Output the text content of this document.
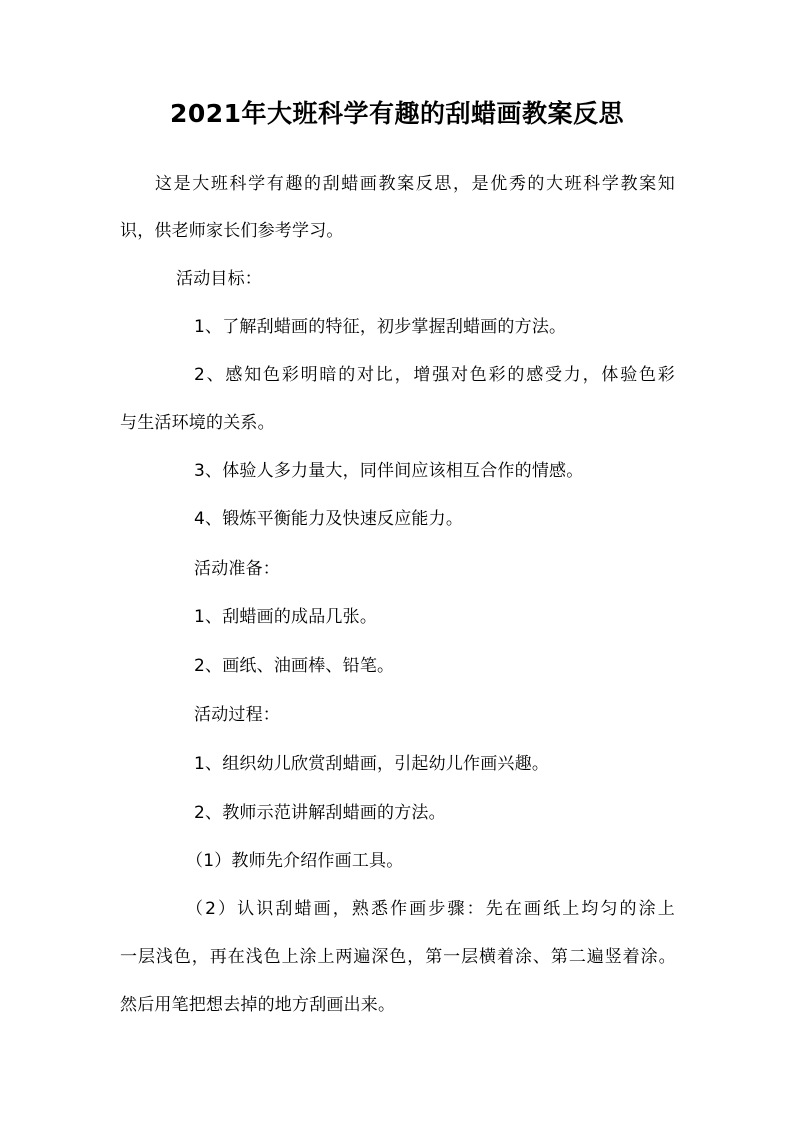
2021年大班科学有趣的刮蜡画教案反思
这是大班科学有趣的刮蜡画教案反思，是优秀的大班科学教案知
识，供老师家长们参考学习。
活动目标：
1、了解刮蜡画的特征，初步掌握刮蜡画的方法。
2、感知色彩明暗的对比，增强对色彩的感受力，体验色彩
与生活环境的关系。
3、体验人多力量大，同伴间应该相互合作的情感。
4、锻炼平衡能力及快速反应能力。
活动准备：
1、刮蜡画的成品几张。
2、画纸、油画棒、铅笔。
活动过程：
1、组织幼儿欣赏刮蜡画，引起幼儿作画兴趣。
2、教师示范讲解刮蜡画的方法。
（1）教师先介绍作画工具。
（2）认识刮蜡画，熟悉作画步骤：先在画纸上均匀的涂上
一层浅色，再在浅色上涂上两遍深色，第一层横着涂、第二遍竖着涂。
然后用笔把想去掉的地方刮画出来。
